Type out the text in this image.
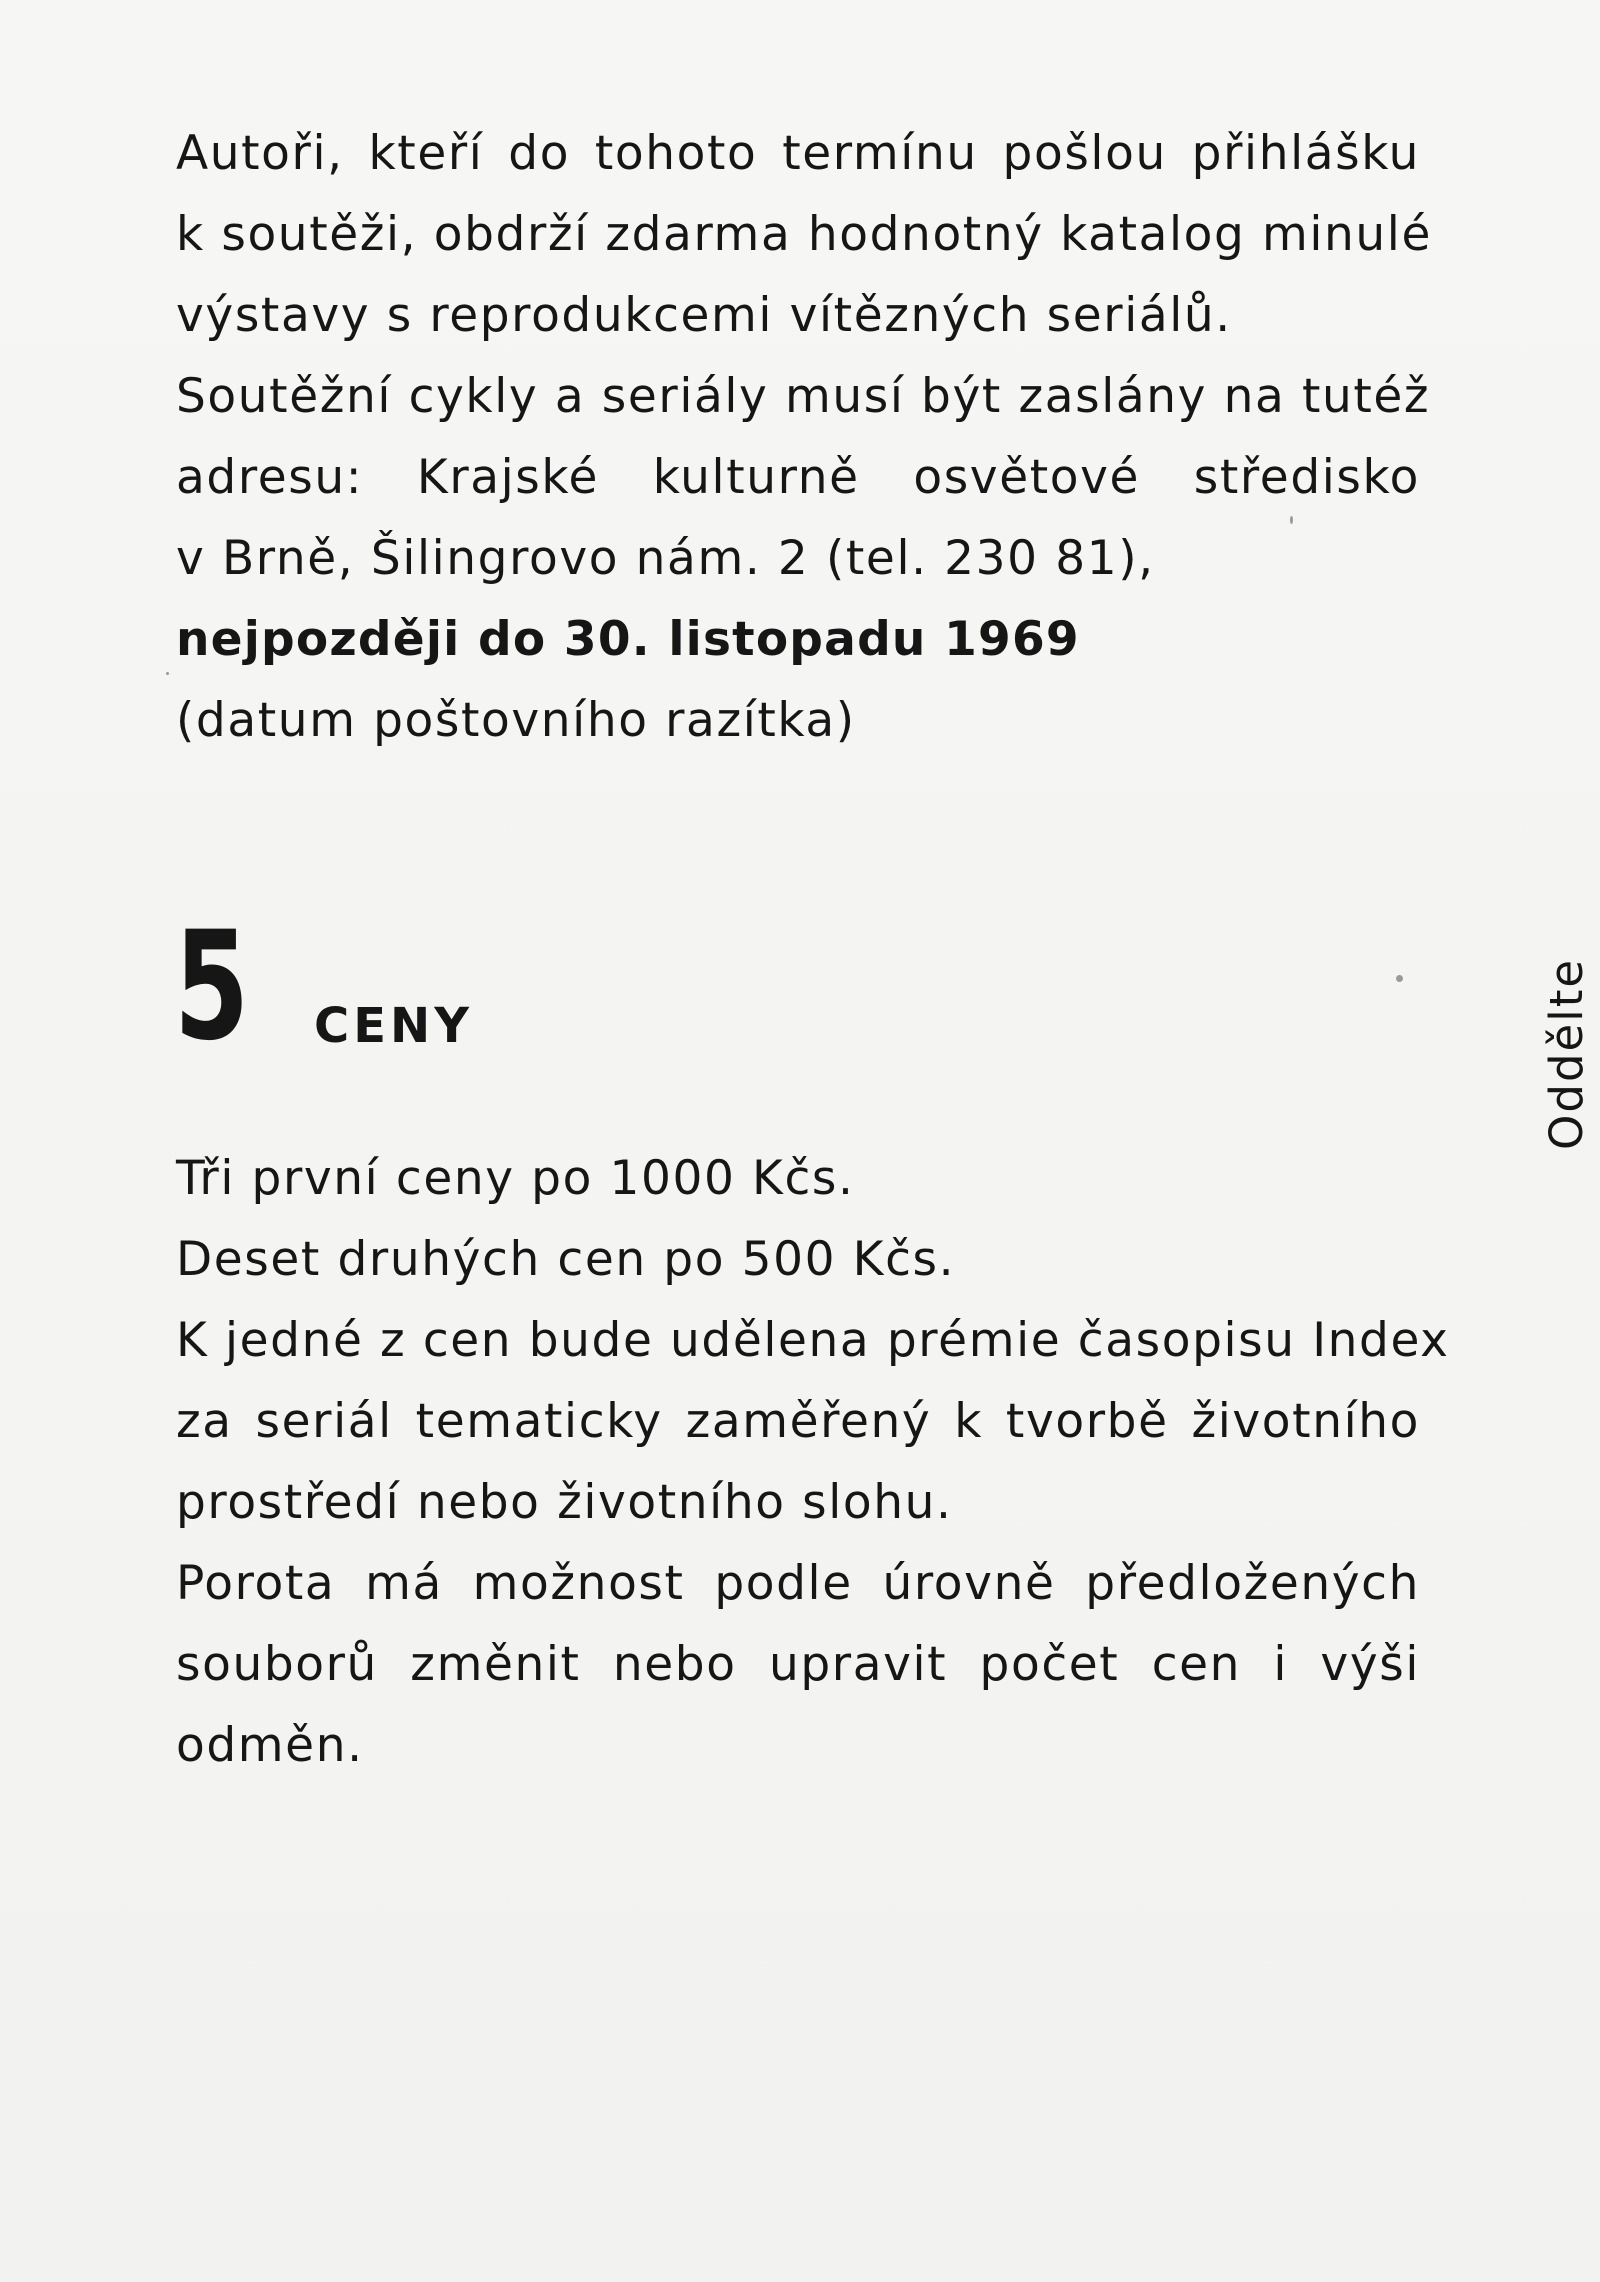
Autoři, kteří do tohoto termínu pošlou přihlášku
k soutěži, obdrží zdarma hodnotný katalog minulé
výstavy s reprodukcemi vítězných seriálů.
Soutěžní cykly a seriály musí být zaslány na tutéž
adresu: Krajské kulturně osvětové středisko
v Brně, Šilingrovo nám. 2 (tel. 230 81),
nejpozději do 30. listopadu 1969
(datum poštovního razítka)
5 CENY
Tři první ceny po 1000 Kčs.
Deset druhých cen po 500 Kčs.
K jedné z cen bude udělena prémie časopisu Index
za seriál tematicky zaměřený k tvorbě životního
prostředí nebo životního slohu.
Porota má možnost podle úrovně předložených
souborů změnit nebo upravit počet cen i výši
odměn.
Oddělte
